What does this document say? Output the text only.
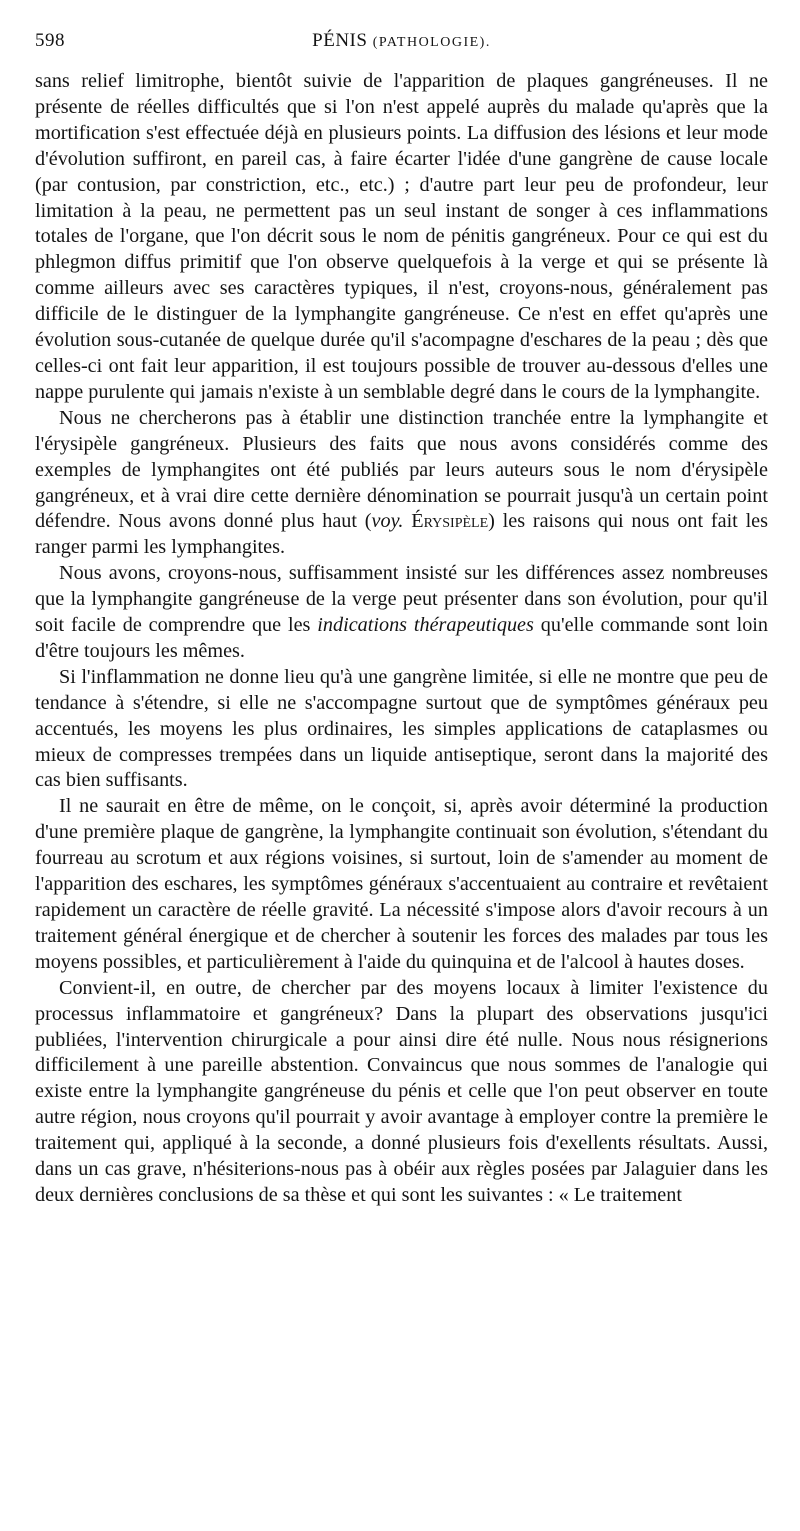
598	PÉNIS (PATHOLOGIE).

sans relief limitrophe, bientôt suivie de l'apparition de plaques gangréneuses. Il ne présente de réelles difficultés que si l'on n'est appelé auprès du malade qu'après que la mortification s'est effectuée déjà en plusieurs points. La diffusion des lésions et leur mode d'évolution suffiront, en pareil cas, à faire écarter l'idée d'une gangrène de cause locale (par contusion, par constriction, etc., etc.) ; d'autre part leur peu de profondeur, leur limitation à la peau, ne permettent pas un seul instant de songer à ces inflammations totales de l'organe, que l'on décrit sous le nom de pénitis gangréneux. Pour ce qui est du phlegmon diffus primitif que l'on observe quelquefois à la verge et qui se présente là comme ailleurs avec ses caractères typiques, il n'est, croyons-nous, généralement pas difficile de le distinguer de la lymphangite gangréneuse. Ce n'est en effet qu'après une évolution sous-cutanée de quelque durée qu'il s'acompagne d'eschares de la peau ; dès que celles-ci ont fait leur apparition, il est toujours possible de trouver au-dessous d'elles une nappe purulente qui jamais n'existe à un semblable degré dans le cours de la lymphangite.

Nous ne chercherons pas à établir une distinction tranchée entre la lymphangite et l'érysipèle gangréneux. Plusieurs des faits que nous avons considérés comme des exemples de lymphangites ont été publiés par leurs auteurs sous le nom d'érysipèle gangréneux, et à vrai dire cette dernière dénomination se pourrait jusqu'à un certain point défendre. Nous avons donné plus haut (voy. Érysipèle) les raisons qui nous ont fait les ranger parmi les lymphangites.

Nous avons, croyons-nous, suffisamment insisté sur les différences assez nombreuses que la lymphangite gangréneuse de la verge peut présenter dans son évolution, pour qu'il soit facile de comprendre que les indications thérapeutiques qu'elle commande sont loin d'être toujours les mêmes.

Si l'inflammation ne donne lieu qu'à une gangrène limitée, si elle ne montre que peu de tendance à s'étendre, si elle ne s'accompagne surtout que de symptômes généraux peu accentués, les moyens les plus ordinaires, les simples applications de cataplasmes ou mieux de compresses trempées dans un liquide antiseptique, seront dans la majorité des cas bien suffisants.

Il ne saurait en être de même, on le conçoit, si, après avoir déterminé la production d'une première plaque de gangrène, la lymphangite continuait son évolution, s'étendant du fourreau au scrotum et aux régions voisines, si surtout, loin de s'amender au moment de l'apparition des eschares, les symptômes généraux s'accentuaient au contraire et revêtaient rapidement un caractère de réelle gravité. La nécessité s'impose alors d'avoir recours à un traitement général énergique et de chercher à soutenir les forces des malades par tous les moyens possibles, et particulièrement à l'aide du quinquina et de l'alcool à hautes doses.

Convient-il, en outre, de chercher par des moyens locaux à limiter l'existence du processus inflammatoire et gangréneux? Dans la plupart des observations jusqu'ici publiées, l'intervention chirurgicale a pour ainsi dire été nulle. Nous nous résignerions difficilement à une pareille abstention. Convaincus que nous sommes de l'analogie qui existe entre la lymphangite gangréneuse du pénis et celle que l'on peut observer en toute autre région, nous croyons qu'il pourrait y avoir avantage à employer contre la première le traitement qui, appliqué à la seconde, a donné plusieurs fois d'exellents résultats. Aussi, dans un cas grave, n'hésiterions-nous pas à obéir aux règles posées par Jalaguier dans les deux dernières conclusions de sa thèse et qui sont les suivantes : « Le traitement
